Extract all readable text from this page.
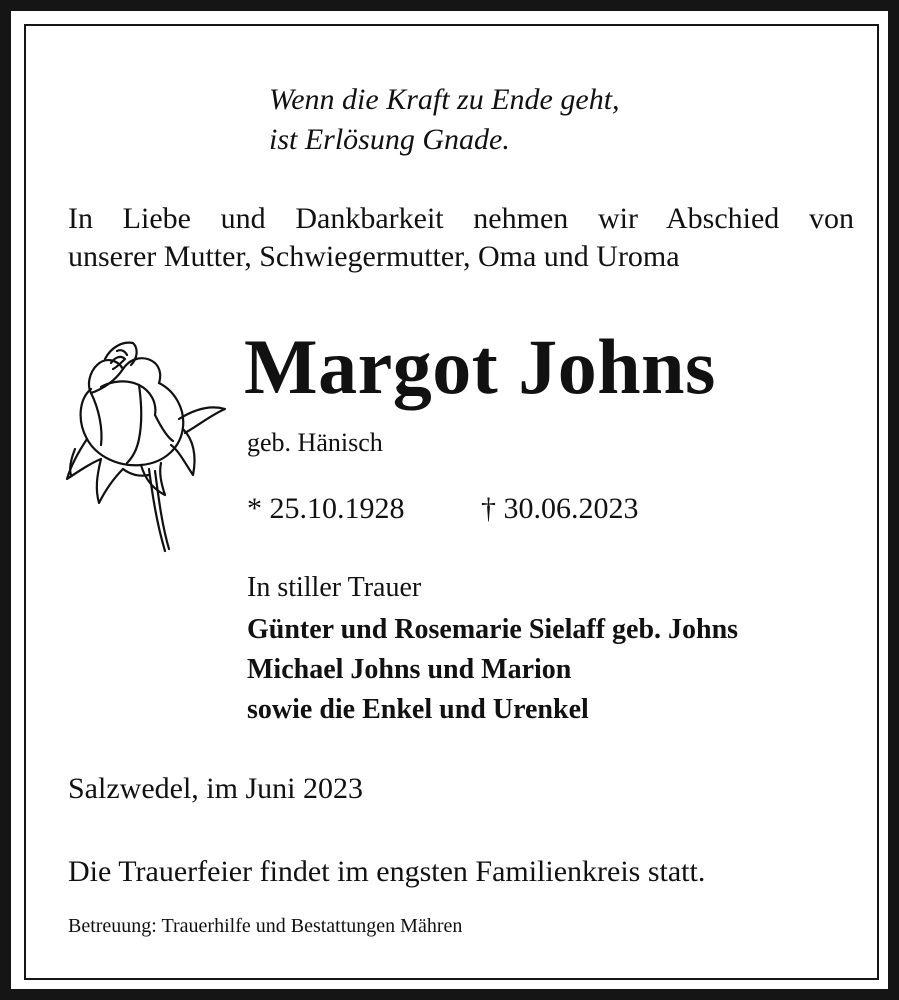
Wenn die Kraft zu Ende geht,

ist Erlösung Gnade.

In Liebe und Dankbarkeit nehmen wir Abschied von

unserer Mutter, Schwiegermutter, Oma und Uroma

Margot Johns

geb. Hänisch

* 25.10.1928	† 30.06.2023

In stiller Trauer

Günter und Rosemarie Sielaff geb. Johns

Michael Johns und Marion

sowie die Enkel und Urenkel

Salzwedel, im Juni 2023

Die Trauerfeier findet im engsten Familienkreis statt.

Betreuung: Trauerhilfe und Bestattungen Mähren
